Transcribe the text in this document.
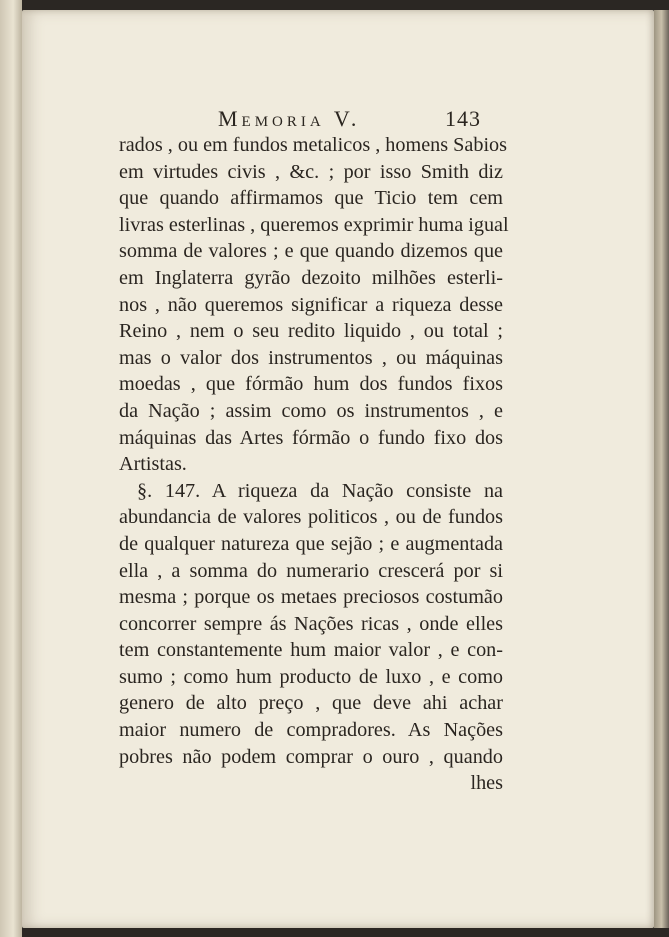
Memoria V.	143
rados , ou em fundos metalicos , homens Sabios
em virtudes civis , &c. ; por isso Smith diz
que quando affirmamos que Ticio tem cem
livras esterlinas , queremos exprimir huma igual
somma de valores ; e que quando dizemos que
em Inglaterra gyrão dezoito milhões esterli-
nos , não queremos significar a riqueza desse
Reino , nem o seu redito liquido , ou total ;
mas o valor dos instrumentos , ou máquinas
moedas , que fórmão hum dos fundos fixos
da Nação ; assim como os instrumentos , e
máquinas das Artes fórmão o fundo fixo dos
Artistas.
§. 147. A riqueza da Nação consiste na
abundancia de valores politicos , ou de fundos
de qualquer natureza que sejão ; e augmentada
ella , a somma do numerario crescerá por si
mesma ; porque os metaes preciosos costumão
concorrer sempre ás Nações ricas , onde elles
tem constantemente hum maior valor , e con-
sumo ; como hum producto de luxo , e como
genero de alto preço , que deve ahi achar
maior numero de compradores. As Nações
pobres não podem comprar o ouro , quando
lhes
